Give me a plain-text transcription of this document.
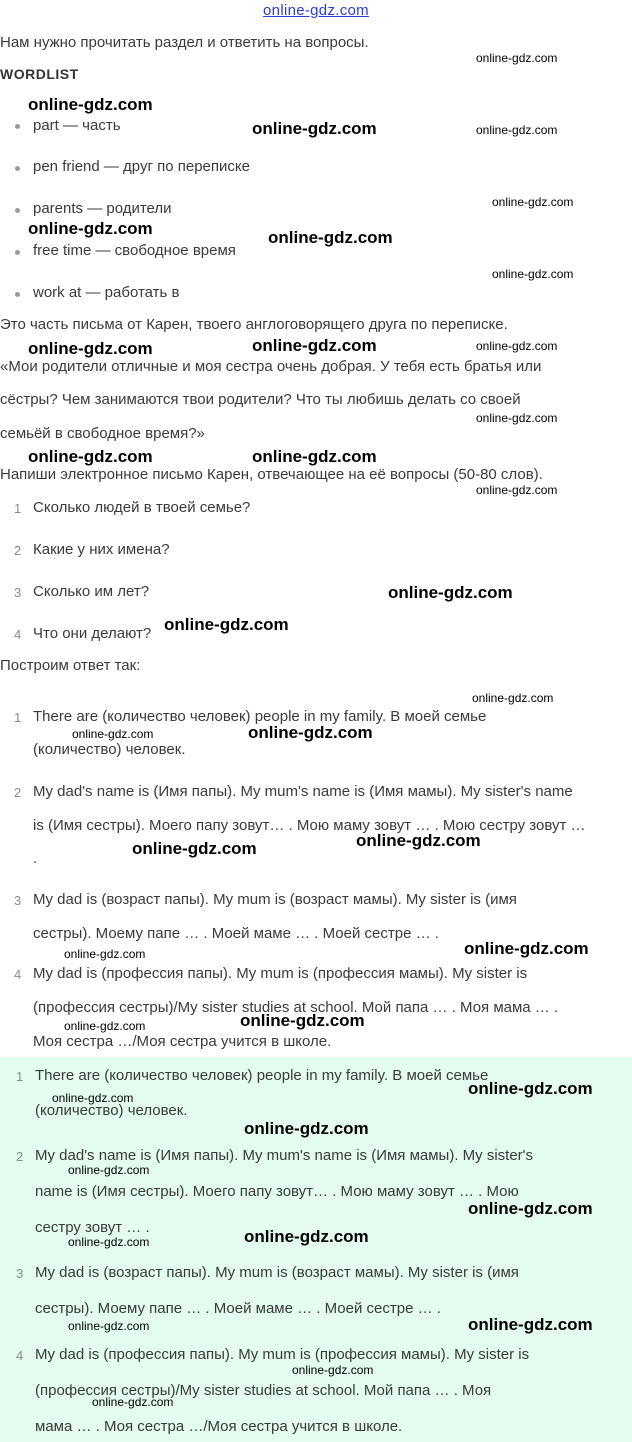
online-gdz.com
Нам нужно прочитать раздел и ответить на вопросы.
WORDLIST
part — часть
pen friend — друг по переписке
parents — родители
free time — свободное время
work at — работать в
Это часть письма от Карен, твоего англоговорящего друга по переписке.
«Мои родители отличные и моя сестра очень добрая. У тебя есть братья или
сёстры? Чем занимаются твои родители? Что ты любишь делать со своей
семьёй в свободное время?»
Напиши электронное письмо Карен, отвечающее на её вопросы (50-80 слов).
1 Сколько людей в твоей семье?
2 Какие у них имена?
3 Сколько им лет?
4 Что они делают?
Построим ответ так:
1 There are (количество человек) people in my family. В моей семье
(количество) человек.
2 My dad's name is (Имя папы). My mum's name is (Имя мамы). My sister's name
is (Имя сестры). Моего папу зовут… . Мою маму зовут … . Мою сестру зовут …
.
3 My dad is (возраст папы). My mum is (возраст мамы). My sister is (имя
сестры). Моему папе … . Моей маме … . Моей сестре … .
4 My dad is (профессия папы). My mum is (профессия мамы). My sister is
(профессия сестры)/My sister studies at school. Мой папа … . Моя мама … .
Моя сестра …/Моя сестра учится в школе.
1 There are (количество человек) people in my family. В моей семье
(количество) человек.
2 My dad's name is (Имя папы). My mum's name is (Имя мамы). My sister's
name is (Имя сестры). Моего папу зовут… . Мою маму зовут … . Мою
сестру зовут … .
3 My dad is (возраст папы). My mum is (возраст мамы). My sister is (имя
сестры). Моему папе … . Моей маме … . Моей сестре … .
4 My dad is (профессия папы). My mum is (профессия мамы). My sister is
(профессия сестры)/My sister studies at school. Мой папа … . Моя
мама … . Моя сестра …/Моя сестра учится в школе.
online-gdz.com
online-gdz.com
online-gdz.com	online-gdz.com
online-gdz.com	online-gdz.com
online-gdz.com	online-gdz.com
online-gdz.com
online-gdz.com
online-gdz.com
online-gdz.com
online-gdz.com
online-gdz.com
online-gdz.com
online-gdz.com
online-gdz.com
online-gdz.com
online-gdz.com
online-gdz.com
online-gdz.com
online-gdz.com
online-gdz.com
online-gdz.com
online-gdz.com
online-gdz.com
online-gdz.com
online-gdz.com
online-gdz.com
online-gdz.com
online-gdz.com
online-gdz.com
online-gdz.com
online-gdz.com
online-gdz.com
online-gdz.com
online-gdz.com
